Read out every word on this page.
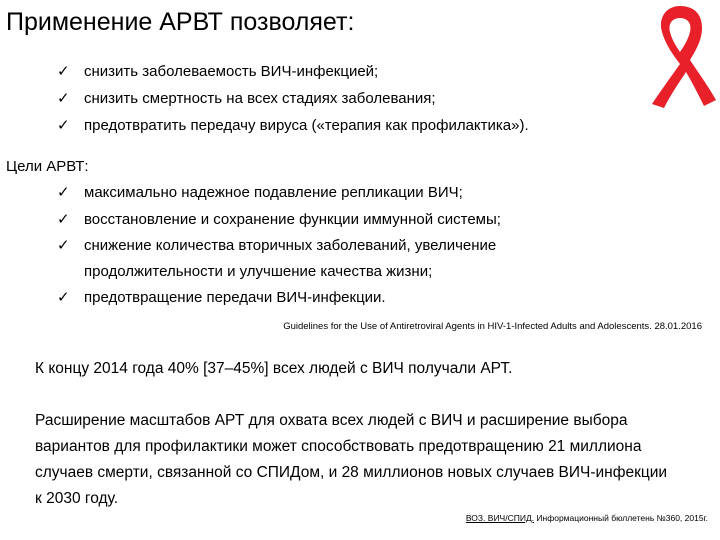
Применение АРВТ позволяет:
✓ снизить заболеваемость ВИЧ-инфекцией;
✓ снизить смертность на всех стадиях заболевания;
✓ предотвратить передачу вируса («терапия как профилактика»).
Цели АРВТ:
✓ максимально надежное подавление репликации ВИЧ;
✓ восстановление и сохранение функции иммунной системы;
✓ снижение количества вторичных заболеваний, увеличение
продолжительности и улучшение качества жизни;
✓ предотвращение передачи ВИЧ-инфекции.
Guidelines for the Use of Antiretroviral Agents in HIV-1-Infected Adults and Adolescents. 28.01.2016
К концу 2014 года 40% [37–45%] всех людей с ВИЧ получали АРТ.
Расширение масштабов АРТ для охвата всех людей с ВИЧ и расширение выбора
вариантов для профилактики может способствовать предотвращению 21 миллиона
случаев смерти, связанной со СПИДом, и 28 миллионов новых случаев ВИЧ-инфекции
к 2030 году.
ВОЗ. ВИЧ/СПИД. Информационный бюллетень №360, 2015г.
